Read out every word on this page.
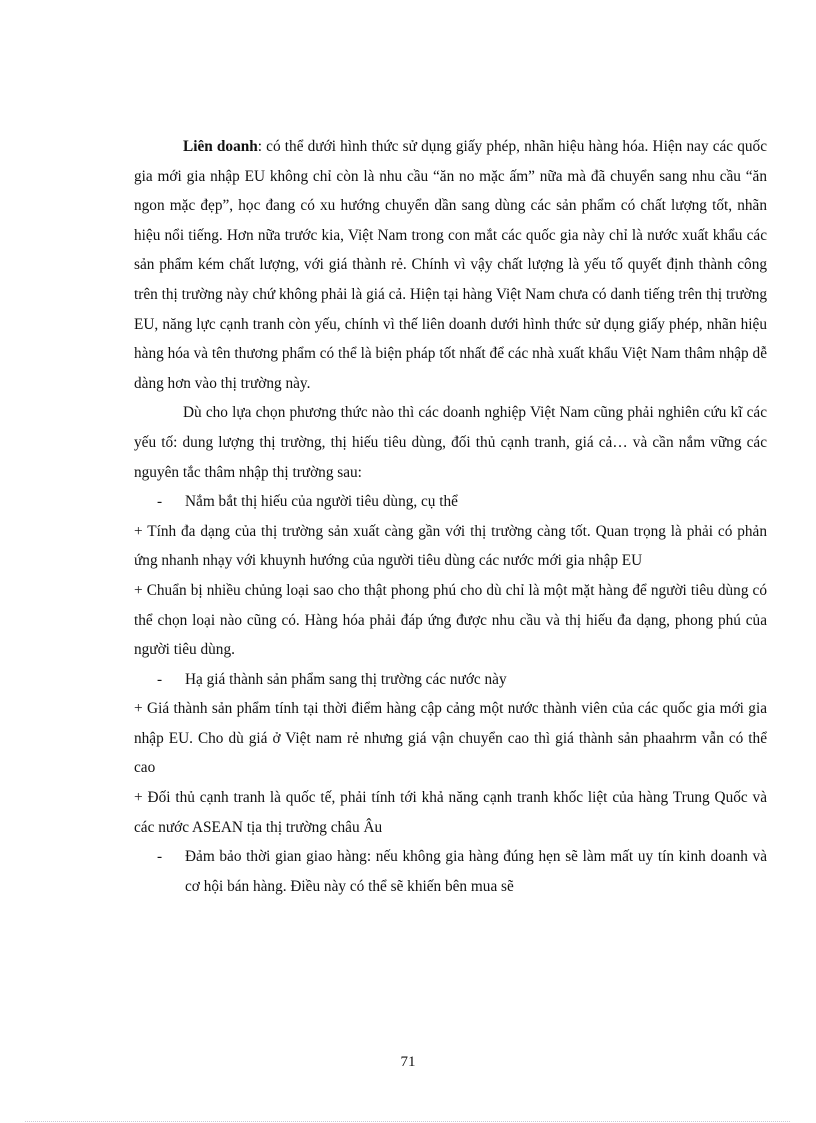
Liên doanh: có thể dưới hình thức sử dụng giấy phép, nhãn hiệu hàng hóa. Hiện nay các quốc gia mới gia nhập EU không chỉ còn là nhu cầu “ăn no mặc ấm” nữa mà đã chuyển sang nhu cầu “ăn ngon mặc đẹp”, học đang có xu hướng chuyển dần sang dùng các sản phẩm có chất lượng tốt, nhãn hiệu nổi tiếng. Hơn nữa trước kia, Việt Nam trong con mắt các quốc gia này chỉ là nước xuất khẩu các sản phẩm kém chất lượng, với giá thành rẻ. Chính vì vậy chất lượng là yếu tố quyết định thành công trên thị trường này chứ không phải là giá cả. Hiện tại hàng Việt Nam chưa có danh tiếng trên thị trường EU, năng lực cạnh tranh còn yếu, chính vì thế liên doanh dưới hình thức sử dụng giấy phép, nhãn hiệu hàng hóa và tên thương phẩm có thể là biện pháp tốt nhất để các nhà xuất khẩu Việt Nam thâm nhập dễ dàng hơn vào thị trường này.

Dù cho lựa chọn phương thức nào thì các doanh nghiệp Việt Nam cũng phải nghiên cứu kĩ các yếu tố: dung lượng thị trường, thị hiếu tiêu dùng, đối thủ cạnh tranh, giá cả… và cần nắm vững các nguyên tắc thâm nhập thị trường sau:

- Nắm bắt thị hiếu của người tiêu dùng, cụ thể

+ Tính đa dạng của thị trường sản xuất càng gần với thị trường càng tốt. Quan trọng là phải có phản ứng nhanh nhạy với khuynh hướng của người tiêu dùng các nước mới gia nhập EU

+ Chuẩn bị nhiều chủng loại sao cho thật phong phú cho dù chỉ là một mặt hàng để người tiêu dùng có thể chọn loại nào cũng có. Hàng hóa phải đáp ứng được nhu cầu và thị hiếu đa dạng, phong phú của người tiêu dùng.

- Hạ giá thành sản phẩm sang thị trường các nước này

+ Giá thành sản phẩm tính tại thời điểm hàng cập cảng một nước thành viên của các quốc gia mới gia nhập EU. Cho dù giá ở Việt nam rẻ nhưng giá vận chuyển cao thì giá thành sản phaahrm vẫn có thể cao

+ Đối thủ cạnh tranh là quốc tế, phải tính tới khả năng cạnh tranh khốc liệt của hàng Trung Quốc và các nước ASEAN tịa thị trường châu Âu

- Đảm bảo thời gian giao hàng: nếu không gia hàng đúng hẹn sẽ làm mất uy tín kinh doanh và cơ hội bán hàng. Điều này có thể sẽ khiến bên mua sẽ
71
